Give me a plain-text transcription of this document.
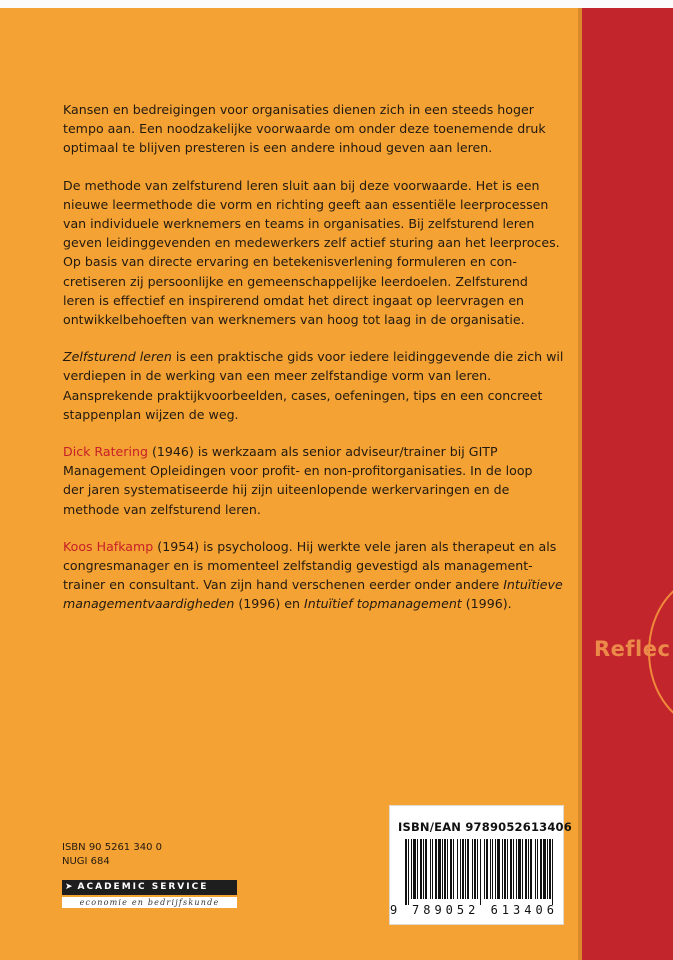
Reflec

Kansen en bedreigingen voor organisaties dienen zich in een steeds hoger
tempo aan. Een noodzakelijke voorwaarde om onder deze toenemende druk
optimaal te blijven presteren is een andere inhoud geven aan leren.

De methode van zelfsturend leren sluit aan bij deze voorwaarde. Het is een
nieuwe leermethode die vorm en richting geeft aan essentiële leerprocessen
van individuele werknemers en teams in organisaties. Bij zelfsturend leren
geven leidinggevenden en medewerkers zelf actief sturing aan het leerproces.
Op basis van directe ervaring en betekenisverlening formuleren en con-
cretiseren zij persoonlijke en gemeenschappelijke leerdoelen. Zelfsturend
leren is effectief en inspirerend omdat het direct ingaat op leervragen en
ontwikkelbehoeften van werknemers van hoog tot laag in de organisatie.

Zelfsturend leren is een praktische gids voor iedere leidinggevende die zich wil
verdiepen in de werking van een meer zelfstandige vorm van leren.
Aansprekende praktijkvoorbeelden, cases, oefeningen, tips en een concreet
stappenplan wijzen de weg.

Dick Ratering (1946) is werkzaam als senior adviseur/trainer bij GITP
Management Opleidingen voor profit- en non-profitorganisaties. In de loop
der jaren systematiseerde hij zijn uiteenlopende werkervaringen en de
methode van zelfsturend leren.

Koos Hafkamp (1954) is psycholoog. Hij werkte vele jaren als therapeut en als
congresmanager en is momenteel zelfstandig gevestigd als management-
trainer en consultant. Van zijn hand verschenen eerder onder andere Intuïtieve
managementvaardigheden (1996) en Intuïtief topmanagement (1996).

ISBN 90 5261 340 0
NUGI 684
➤ ACADEMIC SERVICE
economie en bedrijfskunde
ISBN/EAN 9789052613406
9 789052 613406
